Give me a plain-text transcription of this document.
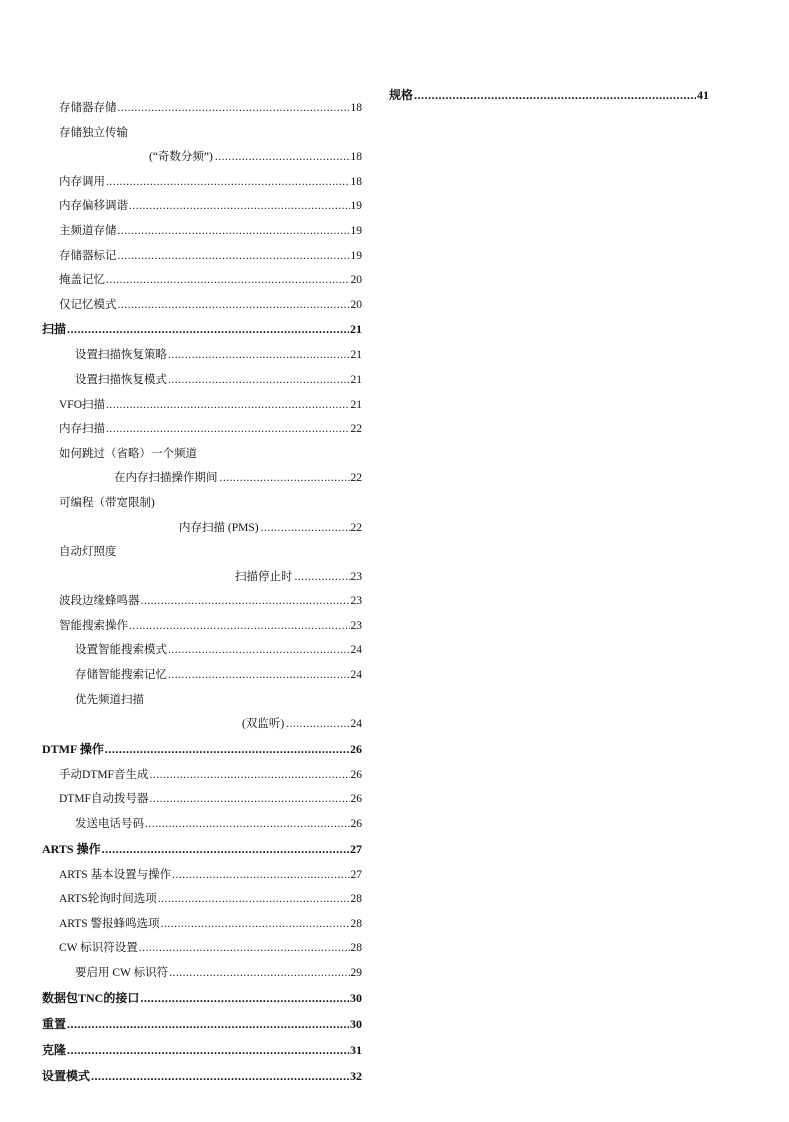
规格 .....	41
存储器存储 .....	18
存储独立传输
(“奇数分频”) .....	18
内存调用 .....	18
内存偏移调谐 .....	19
主频道存储 .....	19
存储器标记 .....	19
掩盖记忆 .....	20
仅记忆模式 .....	20
扫描 .....	21
设置扫描恢复策略 .....	21
设置扫描恢复模式 .....	21
VFO扫描 .....	21
内存扫描 .....	22
如何跳过（省略）一个频道
在内存扫描操作期间 .....	22
可编程（带宽限制)
内存扫描 (PMS) .....	22
自动灯照度
扫描停止时 .....	23
波段边缘蜂鸣器 .....	23
智能搜索操作 .....	23
设置智能搜索模式 .....	24
存储智能搜索记忆 .....	24
优先频道扫描
(双监听) .....	24
DTMF 操作 .....	26
手动DTMF音生成 .....	26
DTMF自动拨号器 .....	26
发送电话号码 .....	26
ARTS 操作 .....	27
ARTS 基本设置与操作 .....	27
ARTS轮询时间选项 .....	28
ARTS 警报蜂鸣选项 .....	28
CW 标识符设置 .....	28
要启用 CW 标识符 .....	29
数据包TNC的接口 .....	30
重置 .....	30
克隆 .....	31
设置模式 .....	32
